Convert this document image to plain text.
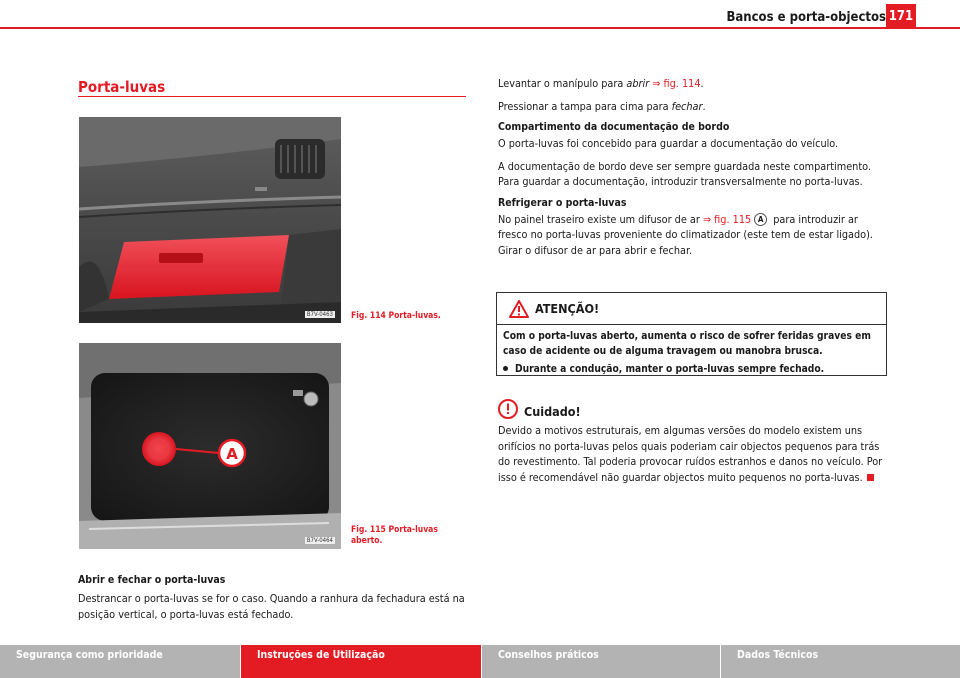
Bancos e porta-objectos 171
Porta-luvas
B7V-0463 Fig. 114 Porta-luvas.
A
B7V-0464
Fig. 115 Porta-luvas aberto.
Abrir e fechar o porta-luvas
Destrancar o porta-luvas se for o caso. Quando a ranhura da fechadura está na posição vertical, o porta-luvas está fechado.

Levantar o manípulo para abrir ⇒ fig. 114.

Pressionar a tampa para cima para fechar.

Compartimento da documentação de bordo

O porta-luvas foi concebido para guardar a documentação do veículo.

A documentação de bordo deve ser sempre guardada neste compartimento. Para guardar a documentação, introduzir transversalmente no porta-luvas.

Refrigerar o porta-luvas

No painel traseiro existe um difusor de ar ⇒ fig. 115 A para introduzir ar fresco no porta-luvas proveniente do climatizador (este tem de estar ligado). Girar o difusor de ar para abrir e fechar.

ATENÇÃO!
Com o porta-luvas aberto, aumenta o risco de sofrer feridas graves em caso de acidente ou de alguma travagem ou manobra brusca.
Durante a condução, manter o porta-luvas sempre fechado.
Cuidado!
Devido a motivos estruturais, em algumas versões do modelo existem uns orifícios no porta-luvas pelos quais poderiam cair objectos pequenos para trás do revestimento. Tal poderia provocar ruídos estranhos e danos no veículo. Por isso é recomendável não guardar objectos muito pequenos no porta-luvas.
Segurança como prioridade	Instruções de Utilização	Conselhos práticos	Dados Técnicos
